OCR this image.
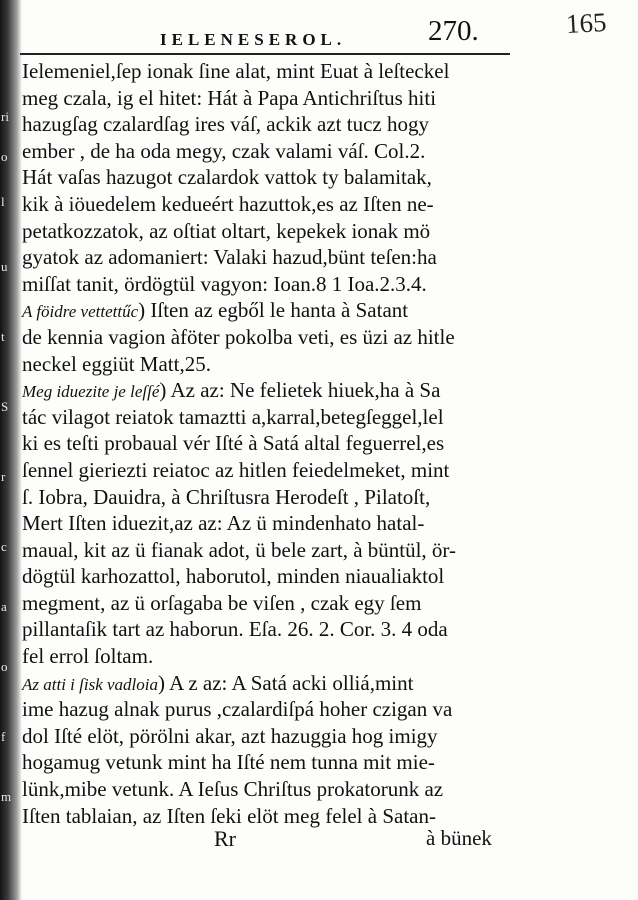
ri
o
l
u
t
S
r
c
a
o
f
m
165
IELENESEROL.	270.
Ielemeniel,ſep ionak ſine alat, mint Euat à leſteckel
meg czala, ig el hitet: Hát à Papa Antichriſtus hiti
hazugſag czalardſag ires váſ, ackik azt tucz hogy
ember , de ha oda megy, czak valami váſ. Col.2.
Hát vaſas hazugot czalardok vattok ty balamitak,
kik à iöuedelem kedueért hazuttok,es az Iſten ne-
petatkozzatok, az oſtiat oltart, kepekek ionak mö
gyatok az adomaniert: Valaki hazud,bünt teſen:ha
miſſat tanit, ördögtül vagyon: Ioan.8 1 Ioa.2.3.4.
A föidre vettettűc) Iſten az egből le hanta à Satant
de kennia vagion àföter pokolba veti, es üzi az hitle
neckel eggiüt Matt,25.
Meg iduezite je leſſé) Az az: Ne felietek hiuek,ha à Sa
tác vilagot reiatok tamaztti a,karral,betegſeggel,lel
ki es teſti probaual vér Iſté à Satá altal feguerrel,es
ſennel gieriezti reiatoc az hitlen feiedelmeket, mint
ſ. Iobra, Dauidra, à Chriſtusra Herodeſt , Pilatoſt,
Mert Iſten iduezit,az az: Az ü mindenhato hatal-
maual, kit az ü fianak adot, ü bele zart, à büntül, ör-
dögtül karhozattol, haborutol, minden niaualiaktol
megment, az ü orſagaba be viſen , czak egy ſem
pillantaſik tart az haborun. Eſa. 26. 2. Cor. 3. 4 oda
fel errol ſoltam.
Az atti i ſisk vadloia) A z az: A Satá acki olliá,mint
ime hazug alnak purus ,czalardiſpá hoher czigan va
dol Iſté elöt, pörölni akar, azt hazuggia hog imigy
hogamug vetunk mint ha Iſté nem tunna mit mie-
lünk,mibe vetunk. A Ieſus Chriſtus prokatorunk az
Iſten tablaian, az Iſten ſeki elöt meg felel à Satan-
Rr	à bünek
